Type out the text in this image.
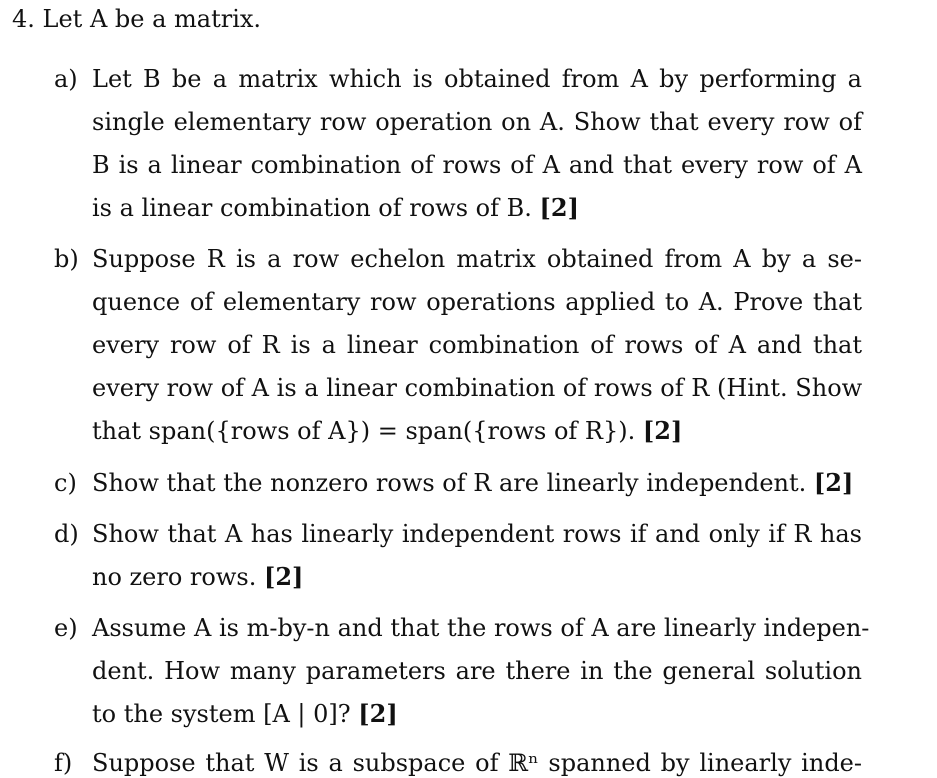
4. Let A be a matrix.
a) Let B be a matrix which is obtained from A by performing a
single elementary row operation on A. Show that every row of
B is a linear combination of rows of A and that every row of A
is a linear combination of rows of B. [2]
b) Suppose R is a row echelon matrix obtained from A by a se-
quence of elementary row operations applied to A. Prove that
every row of R is a linear combination of rows of A and that
every row of A is a linear combination of rows of R (Hint. Show
that span({rows of A}) = span({rows of R}). [2]
c) Show that the nonzero rows of R are linearly independent. [2]
d) Show that A has linearly independent rows if and only if R has
no zero rows. [2]
e) Assume A is m-by-n and that the rows of A are linearly indepen-
dent. How many parameters are there in the general solution
to the system [A | 0]? [2]
f) Suppose that W is a subspace of ℝⁿ spanned by linearly inde-
